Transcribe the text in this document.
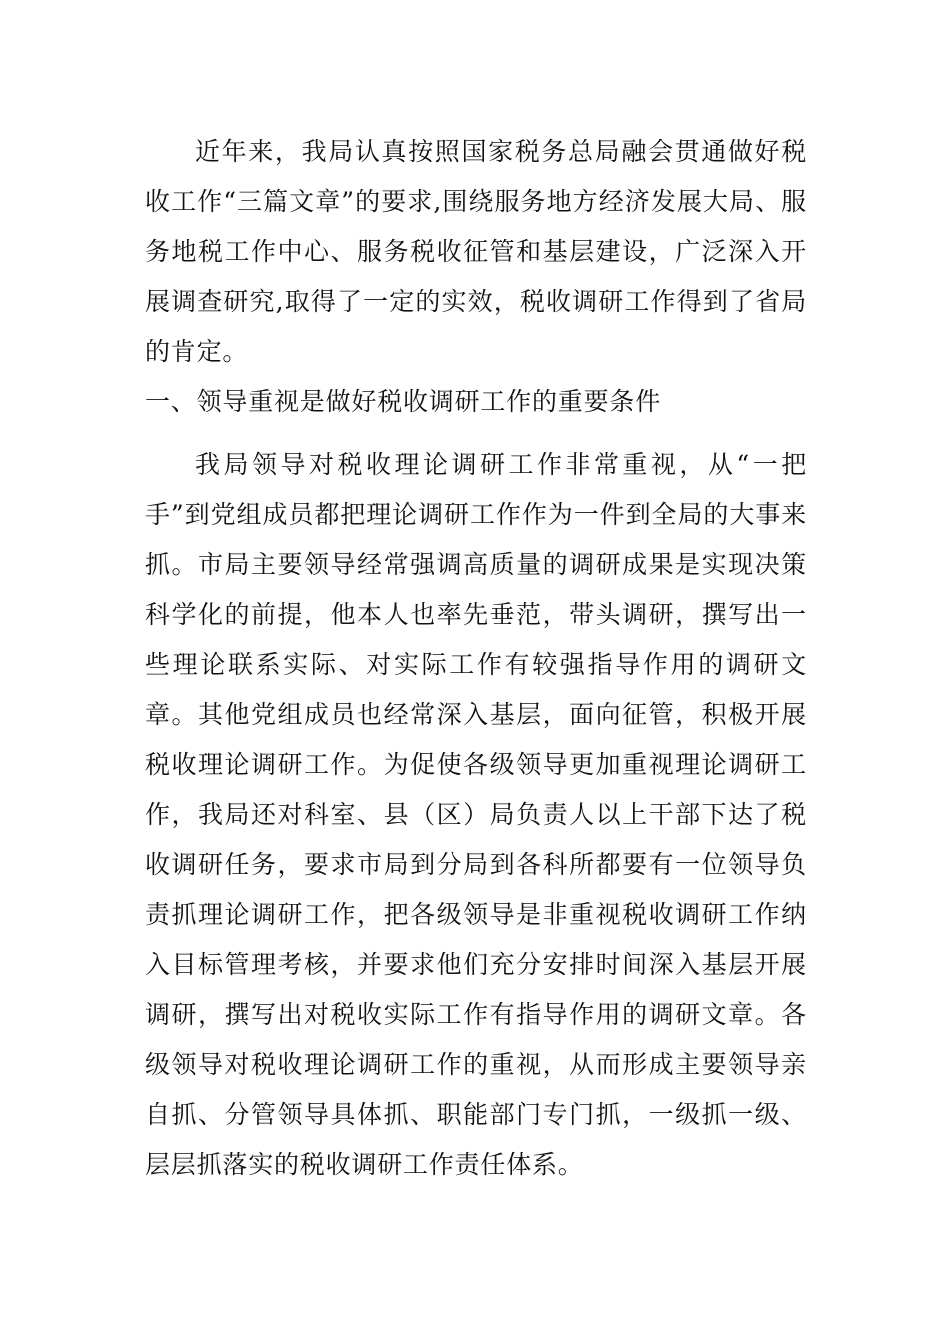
近年来，我局认真按照国家税务总局融会贯通做好税收工作“三篇文章”的要求,围绕服务地方经济发展大局、服务地税工作中心、服务税收征管和基层建设，广泛深入开展调查研究,取得了一定的实效，税收调研工作得到了省局的肯定。

一、领导重视是做好税收调研工作的重要条件

我局领导对税收理论调研工作非常重视，从“一把手”到党组成员都把理论调研工作作为一件到全局的大事来抓。市局主要领导经常强调高质量的调研成果是实现决策科学化的前提，他本人也率先垂范，带头调研，撰写出一些理论联系实际、对实际工作有较强指导作用的调研文章。其他党组成员也经常深入基层，面向征管，积极开展税收理论调研工作。为促使各级领导更加重视理论调研工作，我局还对科室、县（区）局负责人以上干部下达了税收调研任务，要求市局到分局到各科所都要有一位领导负责抓理论调研工作，把各级领导是非重视税收调研工作纳入目标管理考核，并要求他们充分安排时间深入基层开展调研，撰写出对税收实际工作有指导作用的调研文章。各级领导对税收理论调研工作的重视，从而形成主要领导亲自抓、分管领导具体抓、职能部门专门抓，一级抓一级、层层抓落实的税收调研工作责任体系。
